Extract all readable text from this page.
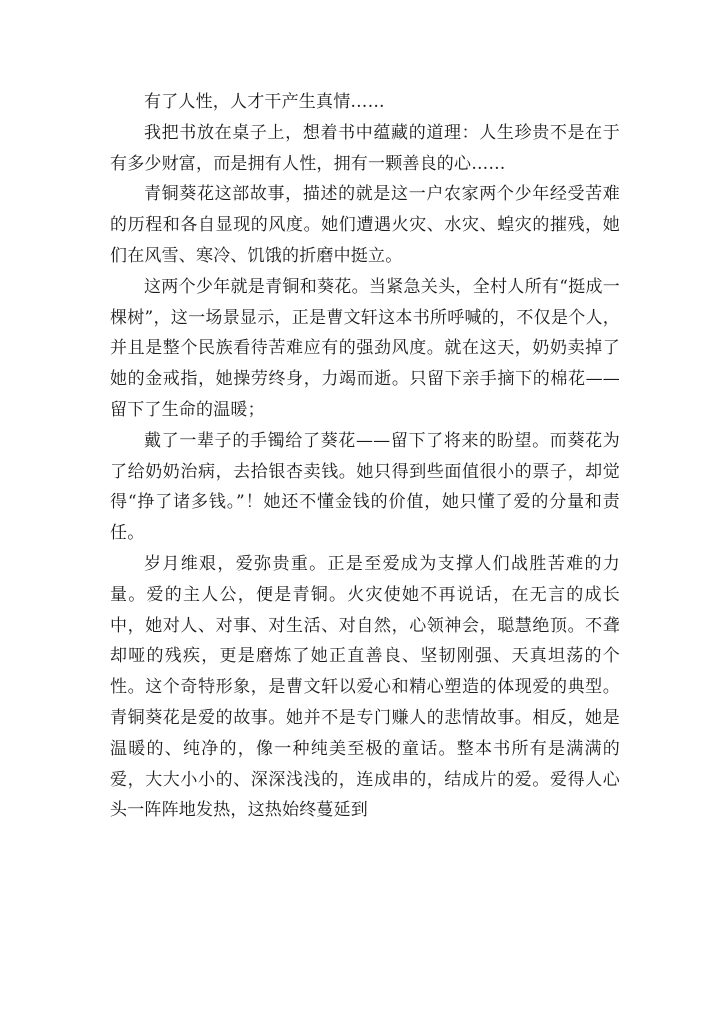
有了人性，人才干产生真情……

我把书放在桌子上，想着书中蕴藏的道理：人生珍贵不是在于有多少财富，而是拥有人性，拥有一颗善良的心……

青铜葵花这部故事，描述的就是这一户农家两个少年经受苦难的历程和各自显现的风度。她们遭遇火灾、水灾、蝗灾的摧残，她们在风雪、寒冷、饥饿的折磨中挺立。

这两个少年就是青铜和葵花。当紧急关头，全村人所有“挺成一棵树”，这一场景显示，正是曹文轩这本书所呼喊的，不仅是个人，并且是整个民族看待苦难应有的强劲风度。就在这天，奶奶卖掉了她的金戒指，她操劳终身，力竭而逝。只留下亲手摘下的棉花——留下了生命的温暖；

戴了一辈子的手镯给了葵花——留下了将来的盼望。而葵花为了给奶奶治病，去拾银杏卖钱。她只得到些面值很小的票子，却觉得“挣了诸多钱。”！她还不懂金钱的价值，她只懂了爱的分量和责任。

岁月维艰，爱弥贵重。正是至爱成为支撑人们战胜苦难的力量。爱的主人公，便是青铜。火灾使她不再说话，在无言的成长中，她对人、对事、对生活、对自然，心领神会，聪慧绝顶。不聋却哑的残疾，更是磨炼了她正直善良、坚韧刚强、天真坦荡的个性。这个奇特形象，是曹文轩以爱心和精心塑造的体现爱的典型。青铜葵花是爱的故事。她并不是专门赚人的悲情故事。相反，她是温暖的、纯净的，像一种纯美至极的童话。整本书所有是满满的爱，大大小小的、深深浅浅的，连成串的，结成片的爱。爱得人心头一阵阵地发热，这热始终蔓延到
